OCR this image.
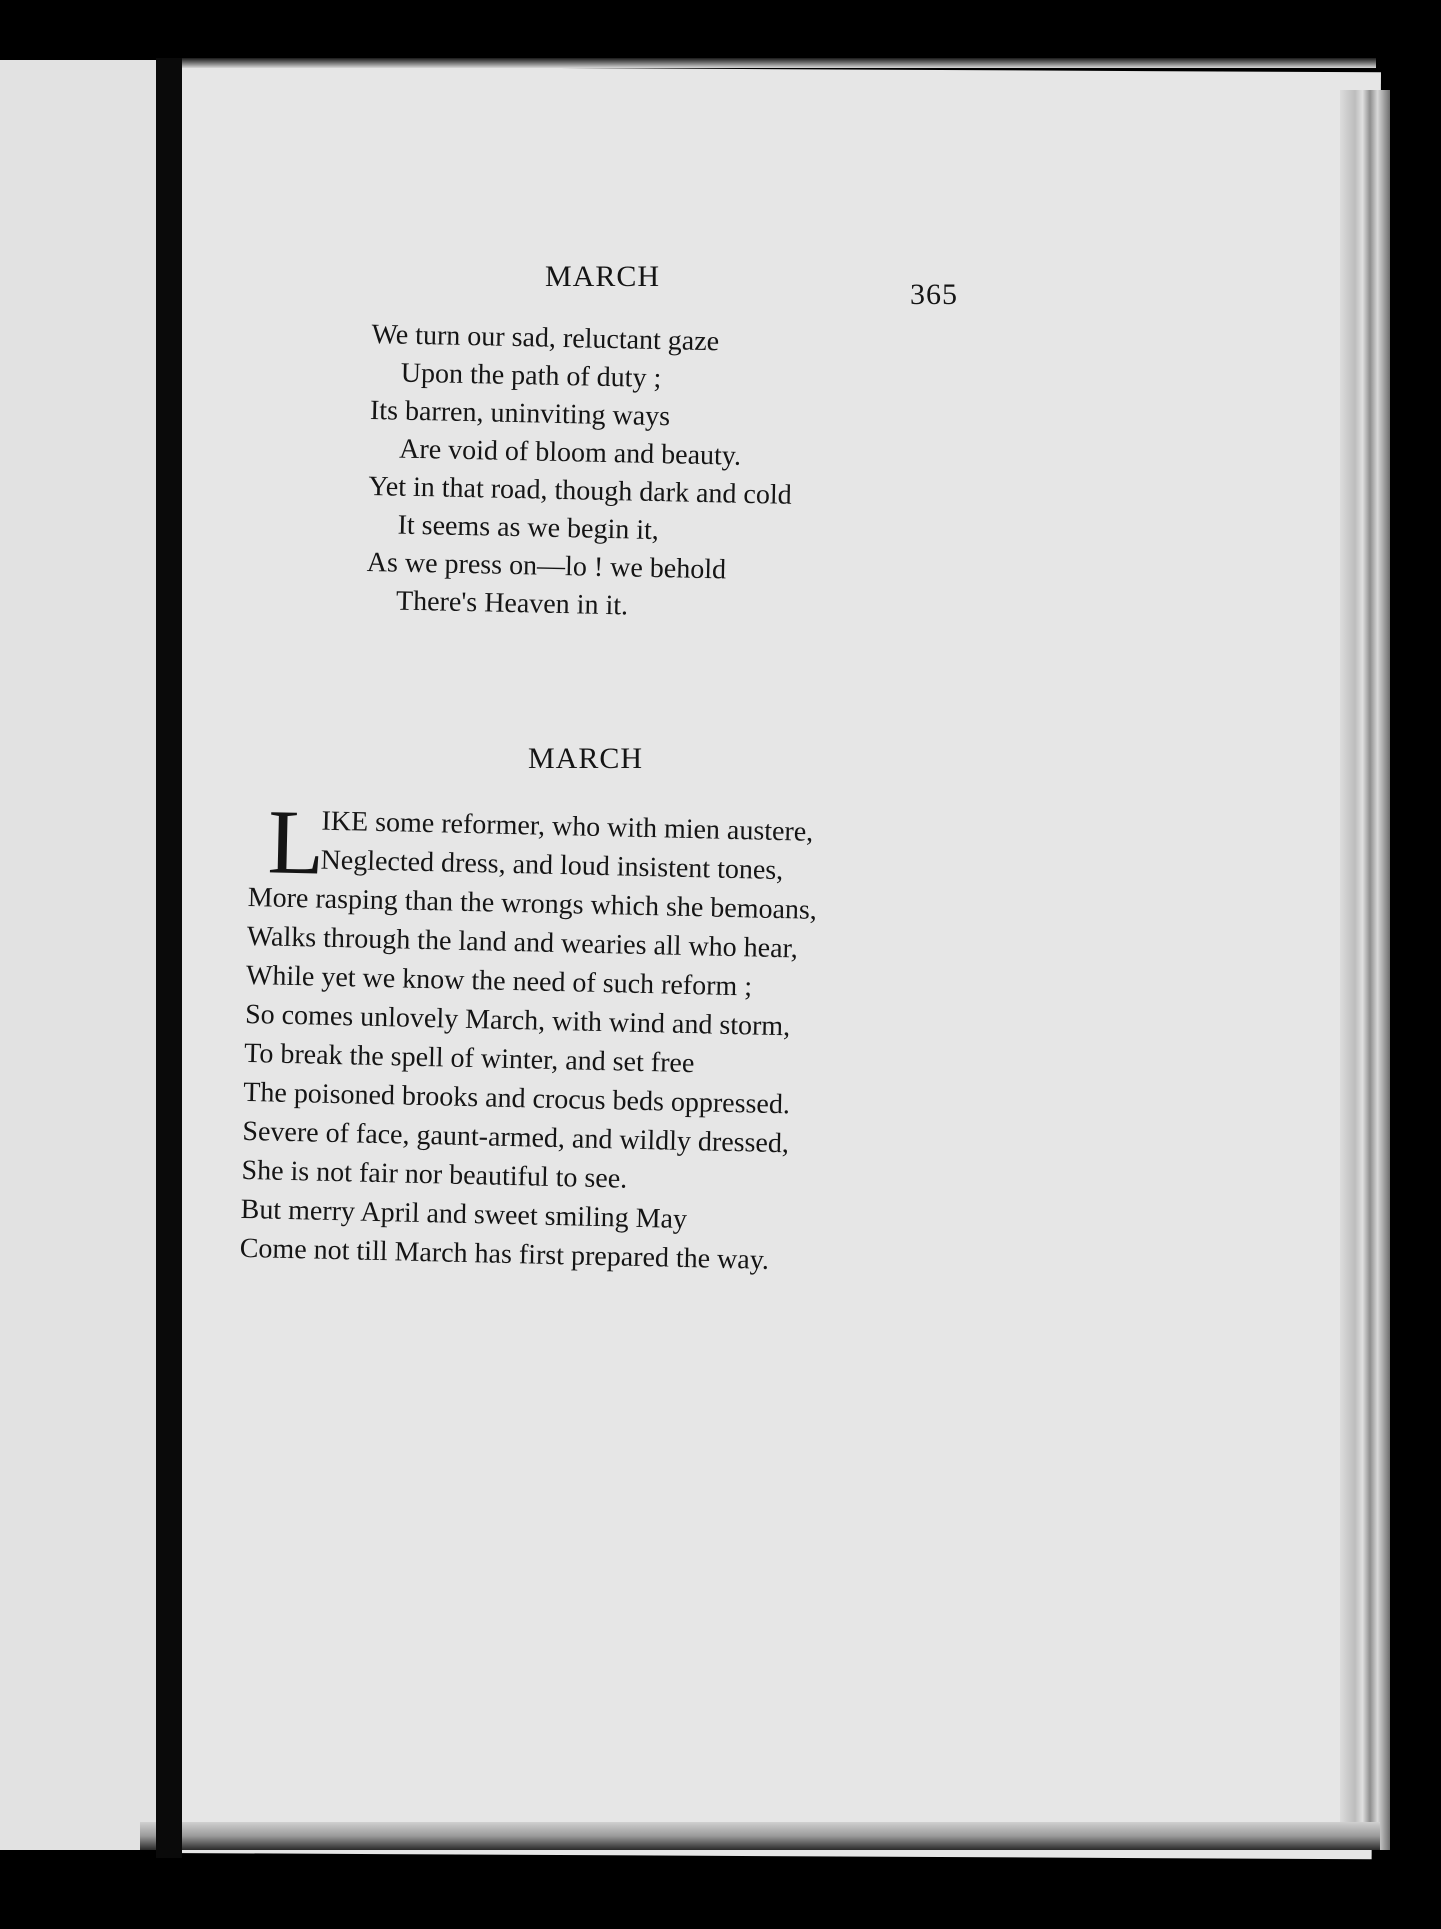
365
MARCH
We turn our sad, reluctant gaze
Upon the path of duty ;
Its barren, uninviting ways
Are void of bloom and beauty.
Yet in that road, though dark and cold
It seems as we begin it,
As we press on—lo ! we behold
There's Heaven in it.
MARCH
L
IKE some reformer, who with mien austere,
Neglected dress, and loud insistent tones,
More rasping than the wrongs which she bemoans,
Walks through the land and wearies all who hear,
While yet we know the need of such reform ;
So comes unlovely March, with wind and storm,
To break the spell of winter, and set free
The poisoned brooks and crocus beds oppressed.
Severe of face, gaunt-armed, and wildly dressed,
She is not fair nor beautiful to see.
But merry April and sweet smiling May
Come not till March has first prepared the way.
